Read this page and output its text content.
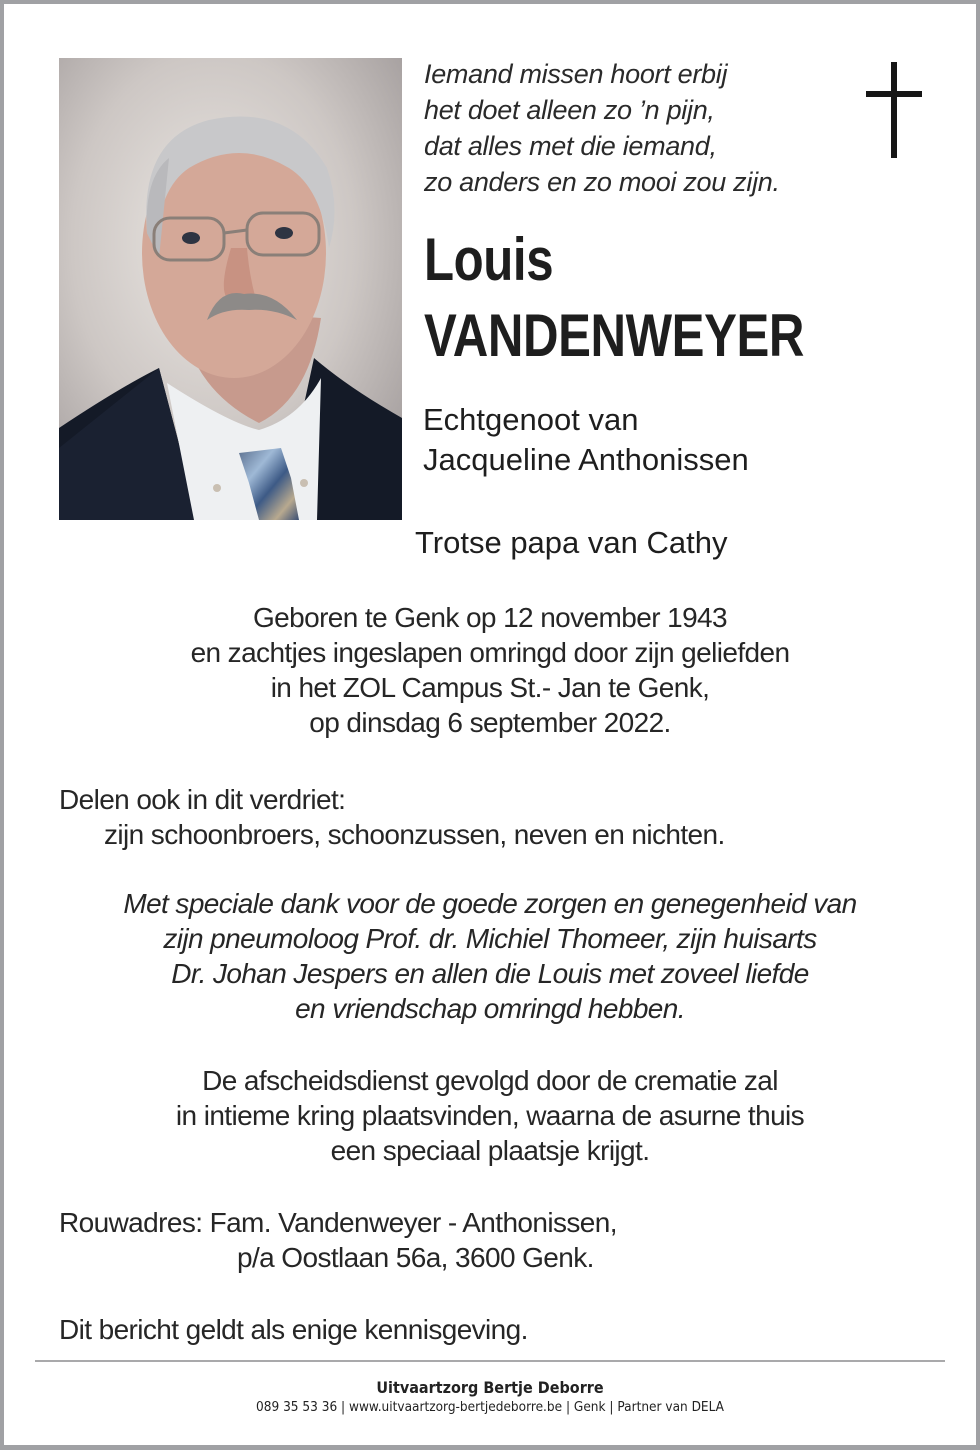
Iemand missen hoort erbij
het doet alleen zo ’n pijn,
dat alles met die iemand,
zo anders en zo mooi zou zijn.
Louis
VANDENWEYER
Echtgenoot van
Jacqueline Anthonissen
Trotse papa van Cathy
Geboren te Genk op 12 november 1943
en zachtjes ingeslapen omringd door zijn geliefden
in het ZOL Campus St.- Jan te Genk,
op dinsdag 6 september 2022.
Delen ook in dit verdriet:
zijn schoonbroers, schoonzussen, neven en nichten.
Met speciale dank voor de goede zorgen en genegenheid van
zijn pneumoloog Prof. dr. Michiel Thomeer, zijn huisarts
Dr. Johan Jespers en allen die Louis met zoveel liefde
en vriendschap omringd hebben.
De afscheidsdienst gevolgd door de crematie zal
in intieme kring plaatsvinden, waarna de asurne thuis
een speciaal plaatsje krijgt.
Rouwadres: Fam. Vandenweyer - Anthonissen,
p/a Oostlaan 56a, 3600 Genk.
Dit bericht geldt als enige kennisgeving.
Uitvaartzorg Bertje Deborre
089 35 53 36 | www.uitvaartzorg-bertjedeborre.be | Genk | Partner van DELA
